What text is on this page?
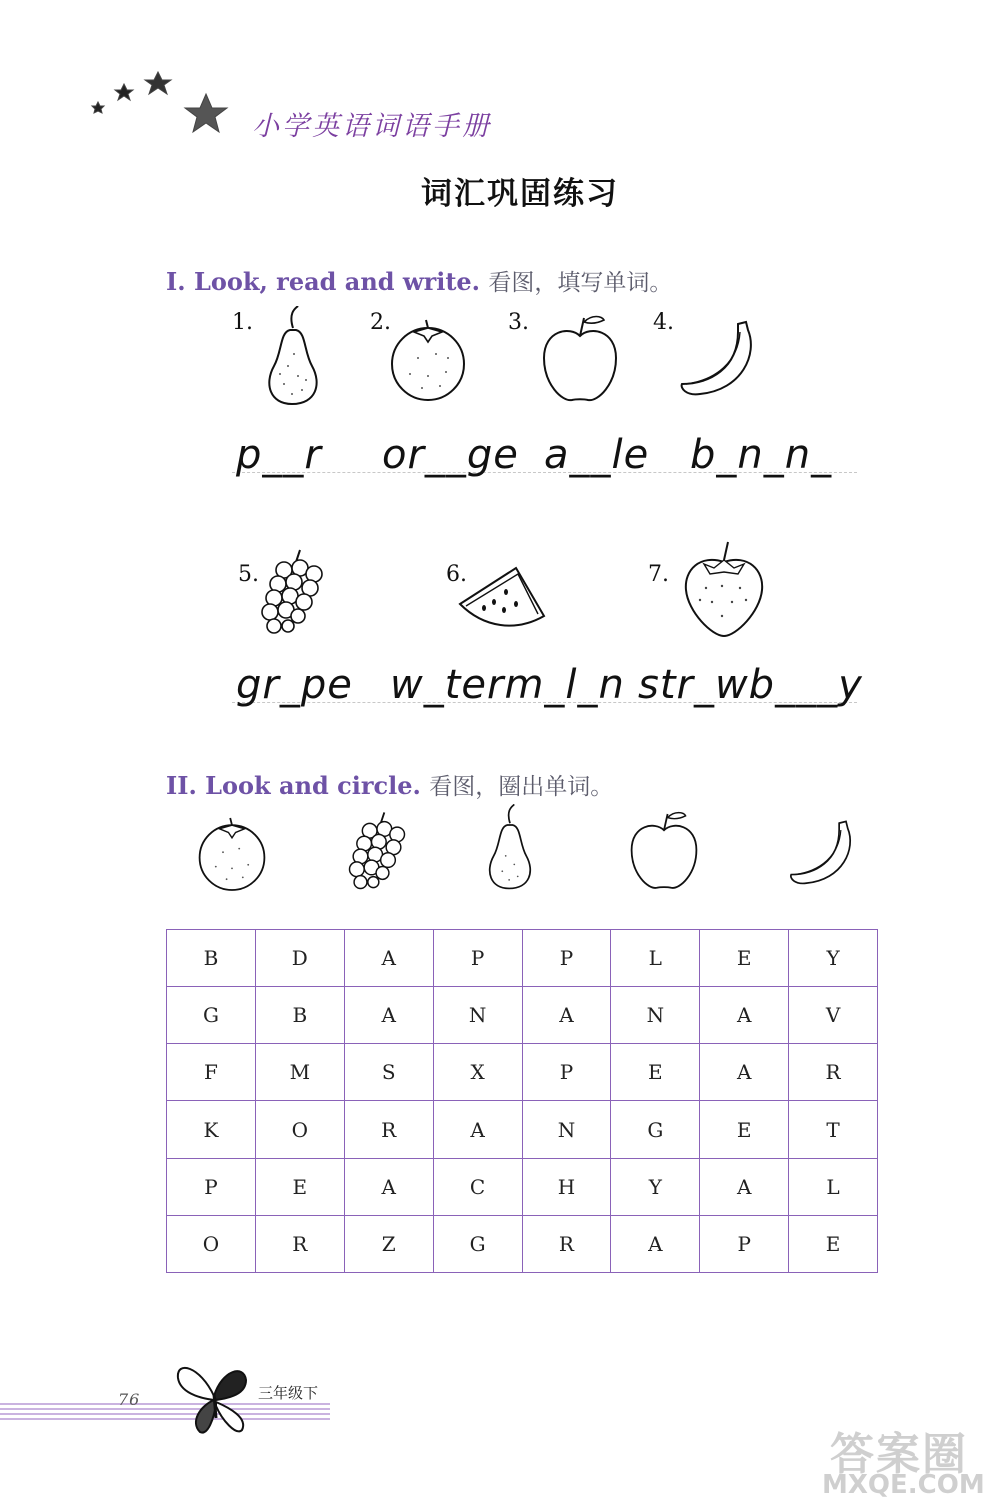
小学英语词语手册
词汇巩固练习
I. Look, read and write. 看图，填写单词。
1.	2.	3.	4.
p__r or__ge a__le b_n_n_
5.	6.	7.
gr_pe w_term_l_n str_wb___y
II. Look and circle. 看图，圈出单词。
B	D	A	P	P	L	E	Y
G	B	A	N	A	N	A	V
F	M	S	X	P	E	A	R
K	O	R	A	N	G	E	T
P	E	A	C	H	Y	A	L
O	R	Z	G	R	A	P	E
76	三年级下
答案圈
MXQE.COM
